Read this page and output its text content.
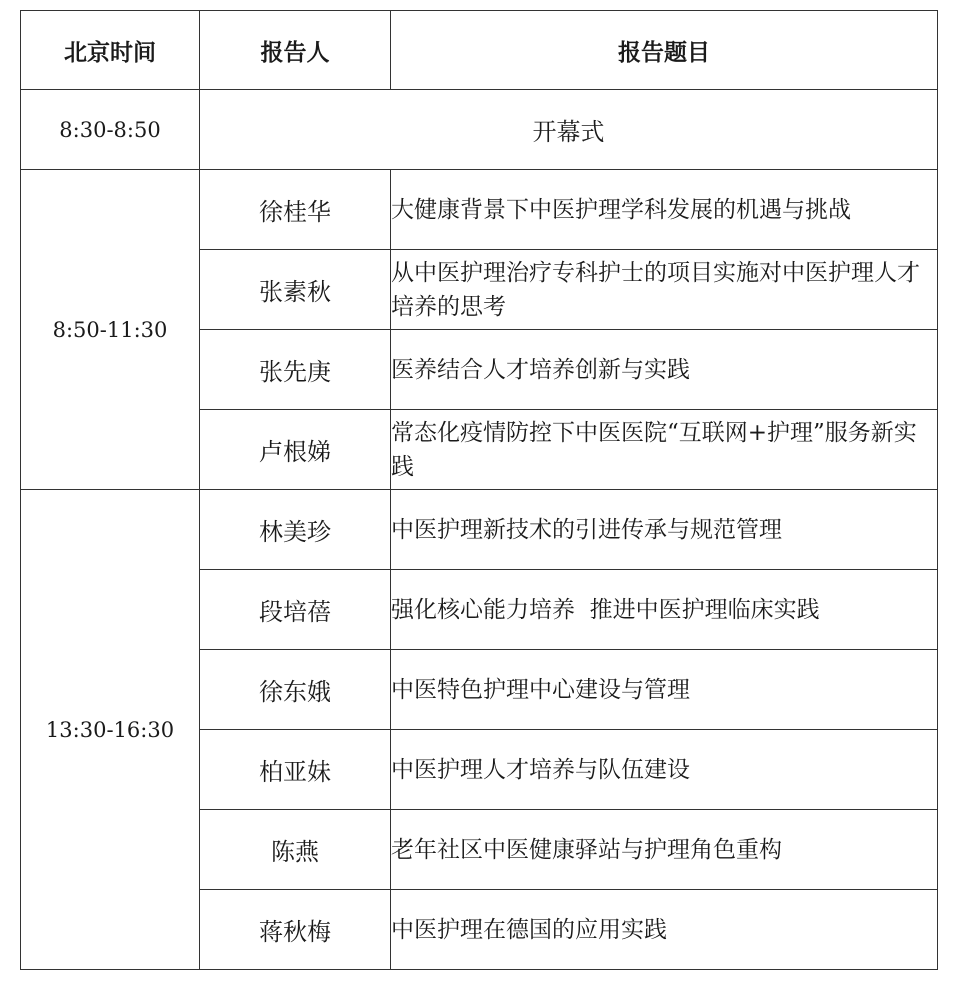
北京时间	报告人	报告题目
8:30-8:50	开幕式	
8:50-11:30	徐桂华	大健康背景下中医护理学科发展的机遇与挑战
	张素秋	从中医护理治疗专科护士的项目实施对中医护理人才培养的思考
	张先庚	医养结合人才培养创新与实践
	卢根娣	常态化疫情防控下中医医院“互联网+护理”服务新实践
13:30-16:30	林美珍	中医护理新技术的引进传承与规范管理
	段培蓓	强化核心能力培养  推进中医护理临床实践
	徐东娥	中医特色护理中心建设与管理
	柏亚妹	中医护理人才培养与队伍建设
	陈燕	老年社区中医健康驿站与护理角色重构
	蒋秋梅	中医护理在德国的应用实践
